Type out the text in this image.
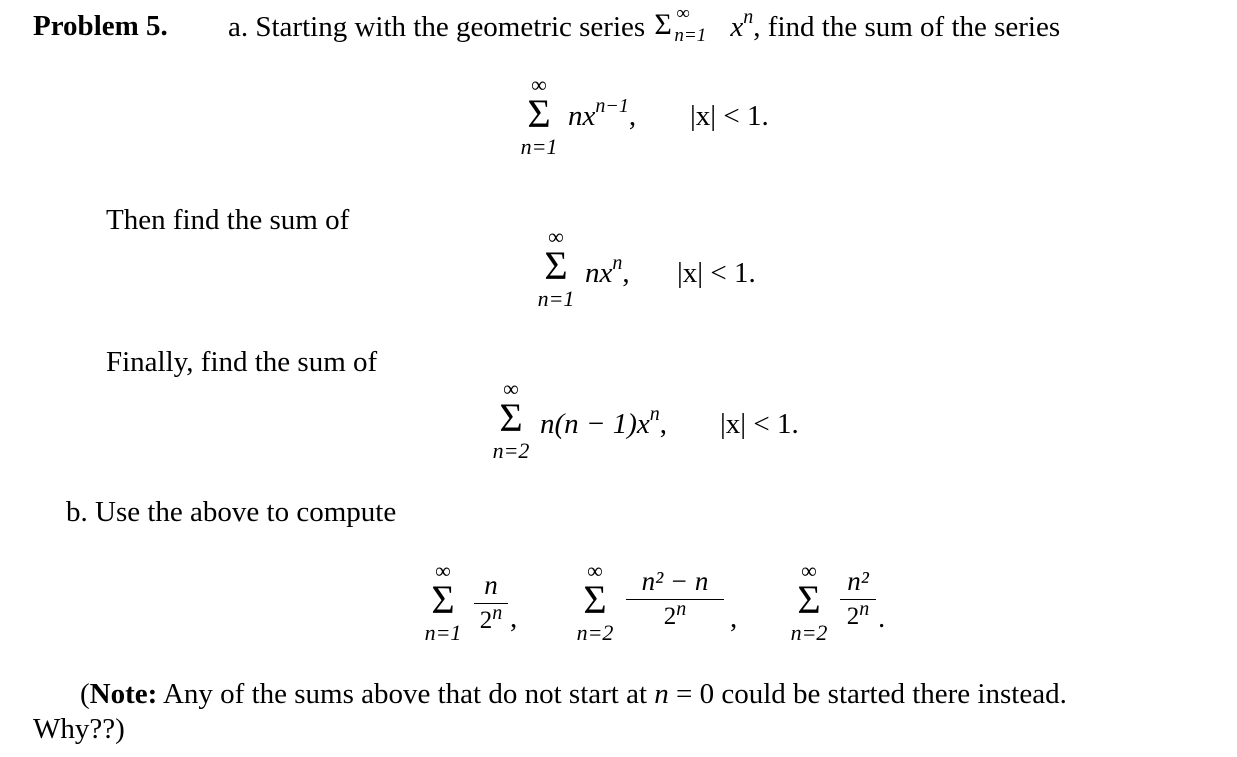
Problem 5. a. Starting with the geometric series Σ ∞
n=1 $x^n$, find the sum of the series
∞
Σ
n=1
$nx^{n-1}$, |x| < 1.
Then find the sum of
∞
Σ
n=1
$nx^n$, |x| < 1.
Finally, find the sum of
∞
Σ
n=2
$n(n - 1)x^n$, |x| < 1.
b. Use the above to compute
∞
Σ
n=1
n
2$^n$ ,
∞
Σ
n=2
n² − n
2$^n$	,
∞
Σ
n=2
n²
2$^n$ .
(Note: Any of the sums above that do not start at n = 0 could be started there instead.
Why??)
